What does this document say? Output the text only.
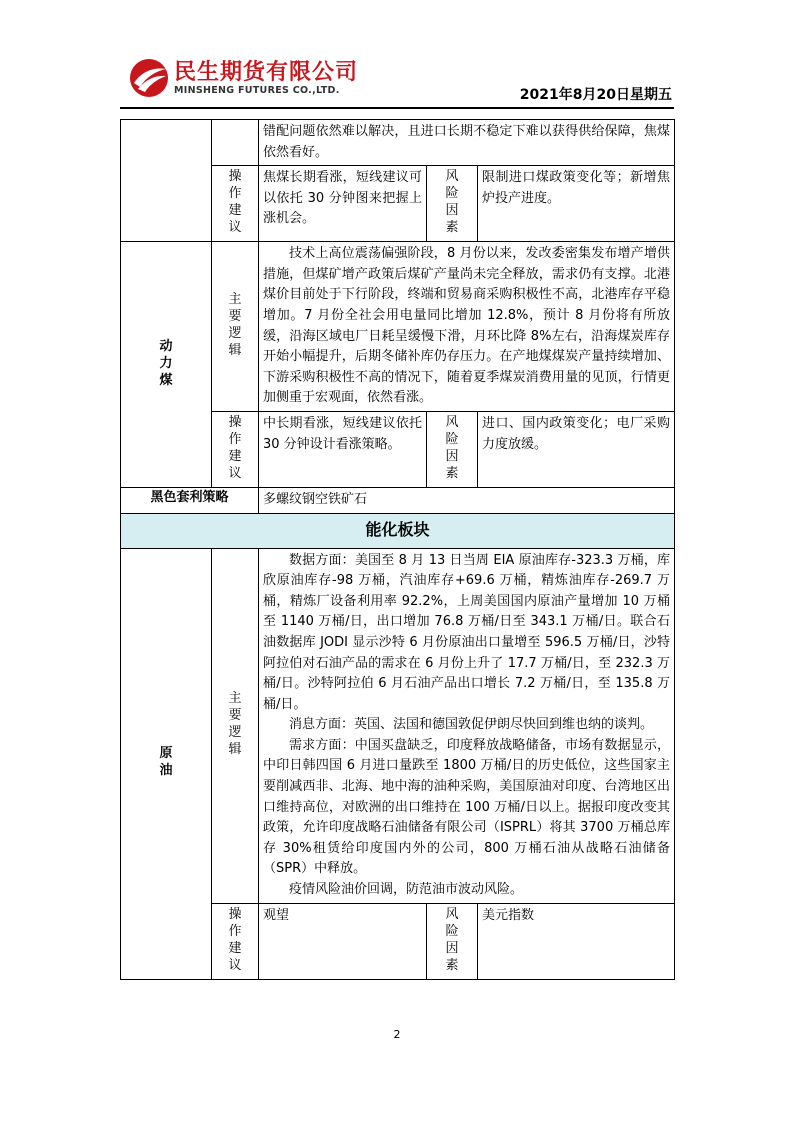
民生期货有限公司
MINSHENG FUTURES CO.,LTD.	2021年8月20日星期五
		错配问题依然难以解决，且进口长期不稳定下难以获得供给保障，焦煤依然看好。		
	操作建议	焦煤长期看涨，短线建议可以依托 30 分钟图来把握上涨机会。	风险因素	限制进口煤政策变化等；新增焦炉投产进度。
动力煤	主要逻辑	技术上高位震荡偏强阶段，8 月份以来，发改委密集发布增产增供措施，但煤矿增产政策后煤矿产量尚未完全释放，需求仍有支撑。北港煤价目前处于下行阶段，终端和贸易商采购积极性不高，北港库存平稳增加。7 月份全社会用电量同比增加 12.8%，预计 8 月份将有所放缓，沿海区域电厂日耗呈缓慢下滑，月环比降 8%左右，沿海煤炭库存开始小幅提升，后期冬储补库仍存压力。在产地煤煤炭产量持续增加、下游采购积极性不高的情况下，随着夏季煤炭消费用量的见顶，行情更加侧重于宏观面，依然看涨。		
	操作建议	中长期看涨，短线建议依托 30 分钟设计看涨策略。	风险因素	进口、国内政策变化；电厂采购力度放缓。
黑色套利策略		多螺纹钢空铁矿石		
能化板块				
原油	主要逻辑	数据方面：美国至 8 月 13 日当周 EIA 原油库存-323.3 万桶，库欣原油库存-98 万桶，汽油库存+69.6 万桶，精炼油库存-269.7 万桶，精炼厂设备利用率 92.2%，上周美国国内原油产量增加 10 万桶至 1140 万桶/日，出口增加 76.8 万桶/日至 343.1 万桶/日。联合石油数据库 JODI 显示沙特 6 月份原油出口量增至 596.5 万桶/日，沙特阿拉伯对石油产品的需求在 6 月份上升了 17.7 万桶/日，至 232.3 万桶/日。沙特阿拉伯 6 月石油产品出口增长 7.2 万桶/日，至 135.8 万桶/日。
消息方面：英国、法国和德国敦促伊朗尽快回到维也纳的谈判。
需求方面：中国买盘缺乏，印度释放战略储备，市场有数据显示，中印日韩四国 6 月进口量跌至 1800 万桶/日的历史低位，这些国家主要削减西非、北海、地中海的油种采购，美国原油对印度、台湾地区出口维持高位，对欧洲的出口维持在 100 万桶/日以上。据报印度改变其政策，允许印度战略石油储备有限公司（ISPRL）将其 3700 万桶总库存 30%租赁给印度国内外的公司，800 万桶石油从战略石油储备（SPR）中释放。
疫情风险油价回调，防范油市波动风险。		

	操作建议	观望	风险因素	美元指数
2
